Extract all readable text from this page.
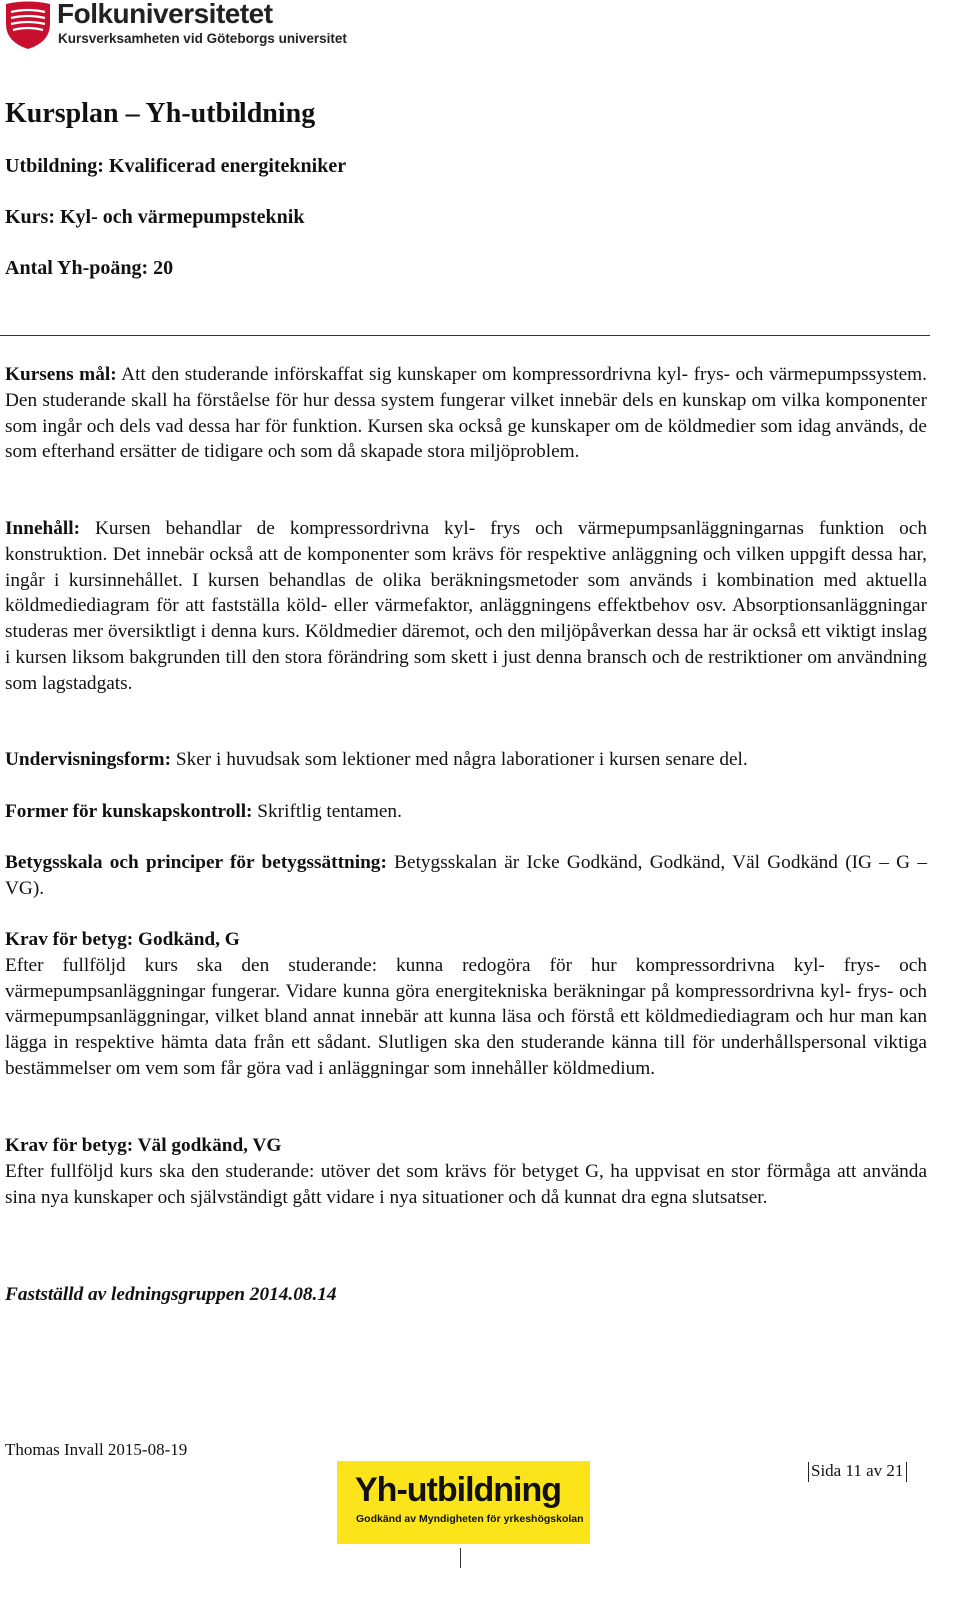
Folkuniversitetet
Kursverksamheten vid Göteborgs universitet
Kursplan – Yh-utbildning

Utbildning: Kvalificerad energitekniker

Kurs: Kyl- och värmepumpsteknik

Antal Yh-poäng: 20

Kursens mål: Att den studerande införskaffat sig kunskaper om kompressordrivna kyl- frys- och värmepumpssystem. Den studerande skall ha förståelse för hur dessa system fungerar vilket innebär dels en kunskap om vilka komponenter som ingår och dels vad dessa har för funktion. Kursen ska också ge kunskaper om de köldmedier som idag används, de som efterhand ersätter de tidigare och som då skapade stora miljöproblem.

Innehåll: Kursen behandlar de kompressordrivna kyl- frys och värmepumpsanläggningarnas funktion och konstruktion. Det innebär också att de komponenter som krävs för respektive anläggning och vilken uppgift dessa har, ingår i kursinnehållet. I kursen behandlas de olika beräkningsmetoder som används i kombination med aktuella köldmediediagram för att fastställa köld- eller värmefaktor, anläggningens effektbehov osv. Absorptionsanläggningar studeras mer översiktligt i denna kurs. Köldmedier däremot, och den miljöpåverkan dessa har är också ett viktigt inslag i kursen liksom bakgrunden till den stora förändring som skett i just denna bransch och de restriktioner om användning som lagstadgats.

Undervisningsform: Sker i huvudsak som lektioner med några laborationer i kursen senare del.

Former för kunskapskontroll: Skriftlig tentamen.

Betygsskala och principer för betygssättning: Betygsskalan är Icke Godkänd, Godkänd, Väl Godkänd (IG – G – VG).

Krav för betyg: Godkänd, G
Efter fullföljd kurs ska den studerande: kunna redogöra för hur kompressordrivna kyl- frys- och värmepumpsanläggningar fungerar. Vidare kunna göra energitekniska beräkningar på kompressordrivna kyl- frys- och värmepumpsanläggningar, vilket bland annat innebär att kunna läsa och förstå ett köldmediediagram och hur man kan lägga in respektive hämta data från ett sådant. Slutligen ska den studerande känna till för underhållspersonal viktiga bestämmelser om vem som får göra vad i anläggningar som innehåller köldmedium.
Krav för betyg: Väl godkänd, VG
Efter fullföljd kurs ska den studerande: utöver det som krävs för betyget G, ha uppvisat en stor förmåga att använda sina nya kunskaper och självständigt gått vidare i nya situationer och då kunnat dra egna slutsatser.

Fastställd av ledningsgruppen 2014.08.14

Thomas Invall 2015-08-19
Yh-utbildning
Godkänd av Myndigheten för yrkeshögskolan
Sida 11 av 21
